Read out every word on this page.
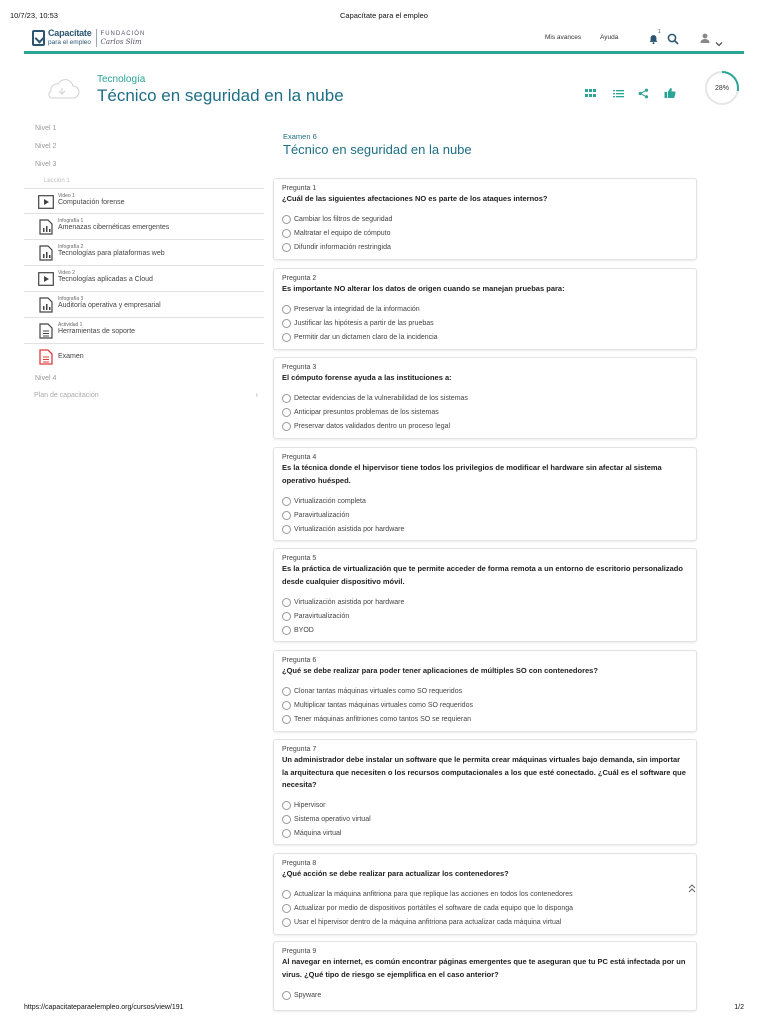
10/7/23, 10:53	Capacítate para el empleo
Capacítate
para el empleo
FUNDACIÓN
Carlos Slim
Mis avances	Ayuda
1
Tecnología
Técnico en seguridad en la nube	28%
Nivel 1
Nivel 2
Nivel 3
Lección 1
Video 1
Computación forense
Infografía 1
Amenazas cibernéticas emergentes
Infografía 2
Tecnologías para plataformas web
Video 2
Tecnologías aplicadas a Cloud
Infografía 3
Auditoría operativa y empresarial
Actividad 1
Herramientas de soporte
Examen
Nivel 4
Plan de capacitación	›
Examen 6
Técnico en seguridad en la nube
Pregunta 1
¿Cuál de las siguientes afectaciones NO es parte de los ataques internos?
Cambiar los filtros de seguridad
Maltratar el equipo de cómputo
Difundir información restringida
Pregunta 2
Es importante NO alterar los datos de origen cuando se manejan pruebas para:
Preservar la integridad de la información
Justificar las hipótesis a partir de las pruebas
Permitir dar un dictamen claro de la incidencia
Pregunta 3
El cómputo forense ayuda a las instituciones a:
Detectar evidencias de la vulnerabilidad de los sistemas
Anticipar presuntos problemas de los sistemas
Preservar datos validados dentro un proceso legal
Pregunta 4
Es la técnica donde el hipervisor tiene todos los privilegios de modificar el hardware sin afectar al sistema operativo huésped.
Virtualización completa
Paravirtualización
Virtualización asistida por hardware
Pregunta 5
Es la práctica de virtualización que te permite acceder de forma remota a un entorno de escritorio personalizado desde cualquier dispositivo móvil.
Virtualización asistida por hardware
Paravirtualización
BYOD
Pregunta 6
¿Qué se debe realizar para poder tener aplicaciones de múltiples SO con contenedores?
Clonar tantas máquinas virtuales como SO requeridos
Multiplicar tantas máquinas virtuales como SO requeridos
Tener máquinas anfitriones como tantos SO se requieran
Pregunta 7
Un administrador debe instalar un software que le permita crear máquinas virtuales bajo demanda, sin importar la arquitectura que necesiten o los recursos computacionales a los que esté conectado. ¿Cuál es el software que necesita?
Hipervisor
Sistema operativo virtual
Máquina virtual
Pregunta 8
¿Qué acción se debe realizar para actualizar los contenedores?
Actualizar la máquina anfitriona para que replique las acciones en todos los contenedores
Actualizar por medio de dispositivos portátiles el software de cada equipo que lo disponga
Usar el hipervisor dentro de la máquina anfitriona para actualizar cada máquina virtual
Pregunta 9
Al navegar en internet, es común encontrar páginas emergentes que te aseguran que tu PC está infectada por un virus. ¿Qué tipo de riesgo se ejemplifica en el caso anterior?
Spyware
https://capacitateparaelempleo.org/cursos/view/191	1/2
